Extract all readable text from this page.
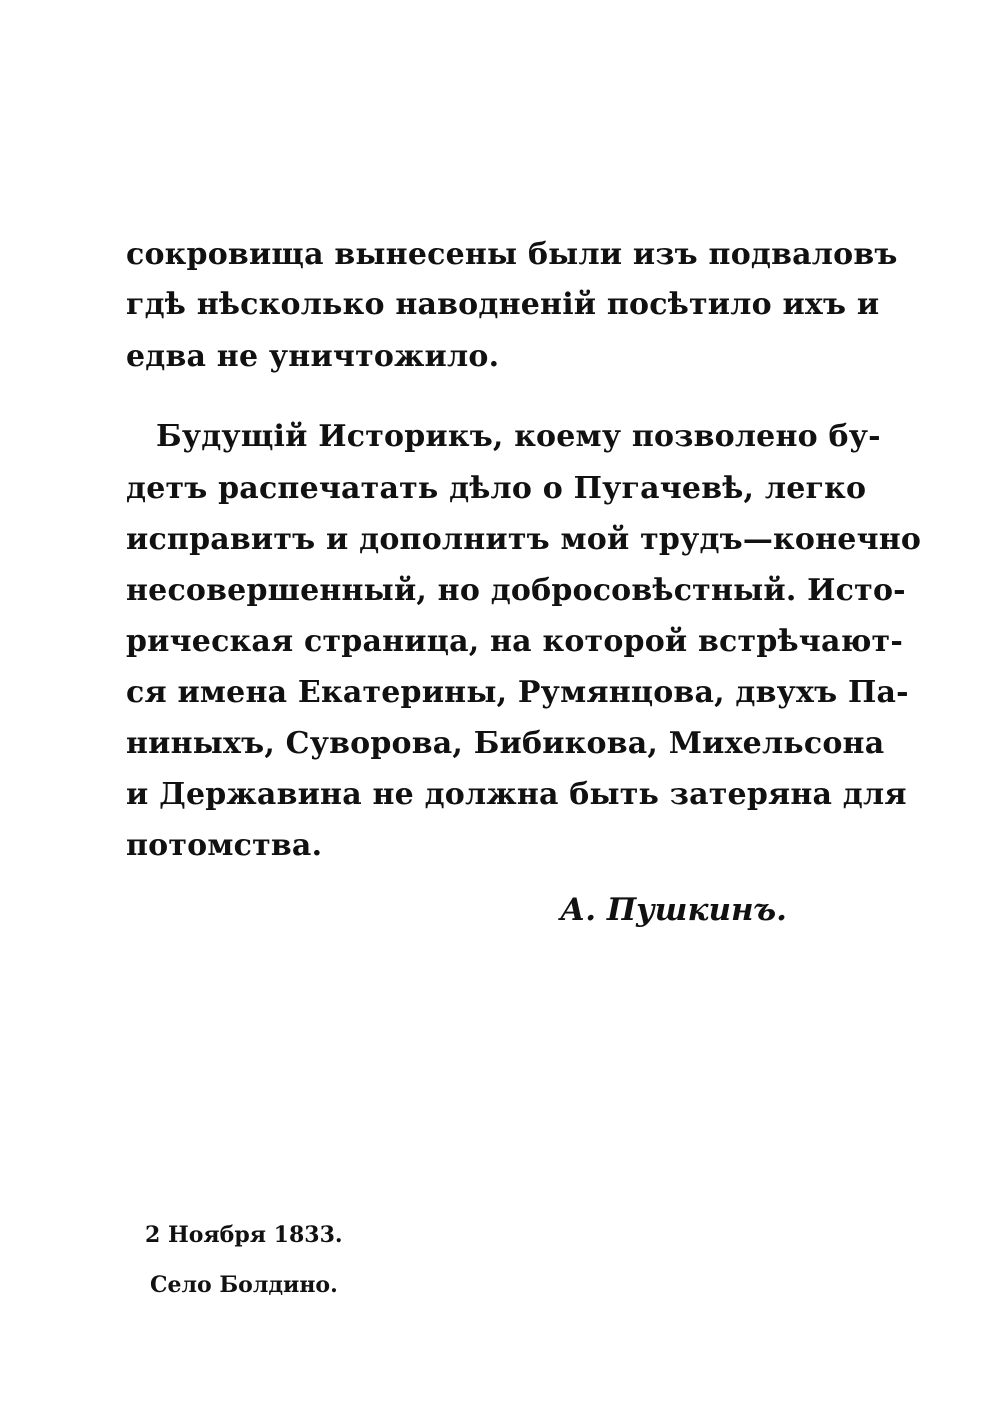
сокровища вынесены были изъ подваловъ
гдѣ нѣсколько наводненій посѣтило ихъ и
едва не уничтожило.
Будущій Историкъ, коему позволено бу-
детъ распечатать дѣло о Пугачевѣ, легко
исправитъ и дополнитъ мой трудъ—конечно
несовершенный, но добросовѣстный. Исто-
рическая страница, на которой встрѣчают-
ся имена Екатерины, Румянцова, двухъ Па-
ниныхъ, Суворова, Бибикова, Михельсона
и Державина не должна быть затеряна для
потомства.
А. Пушкинъ.
2 Ноября 1833.
Село Болдино.
